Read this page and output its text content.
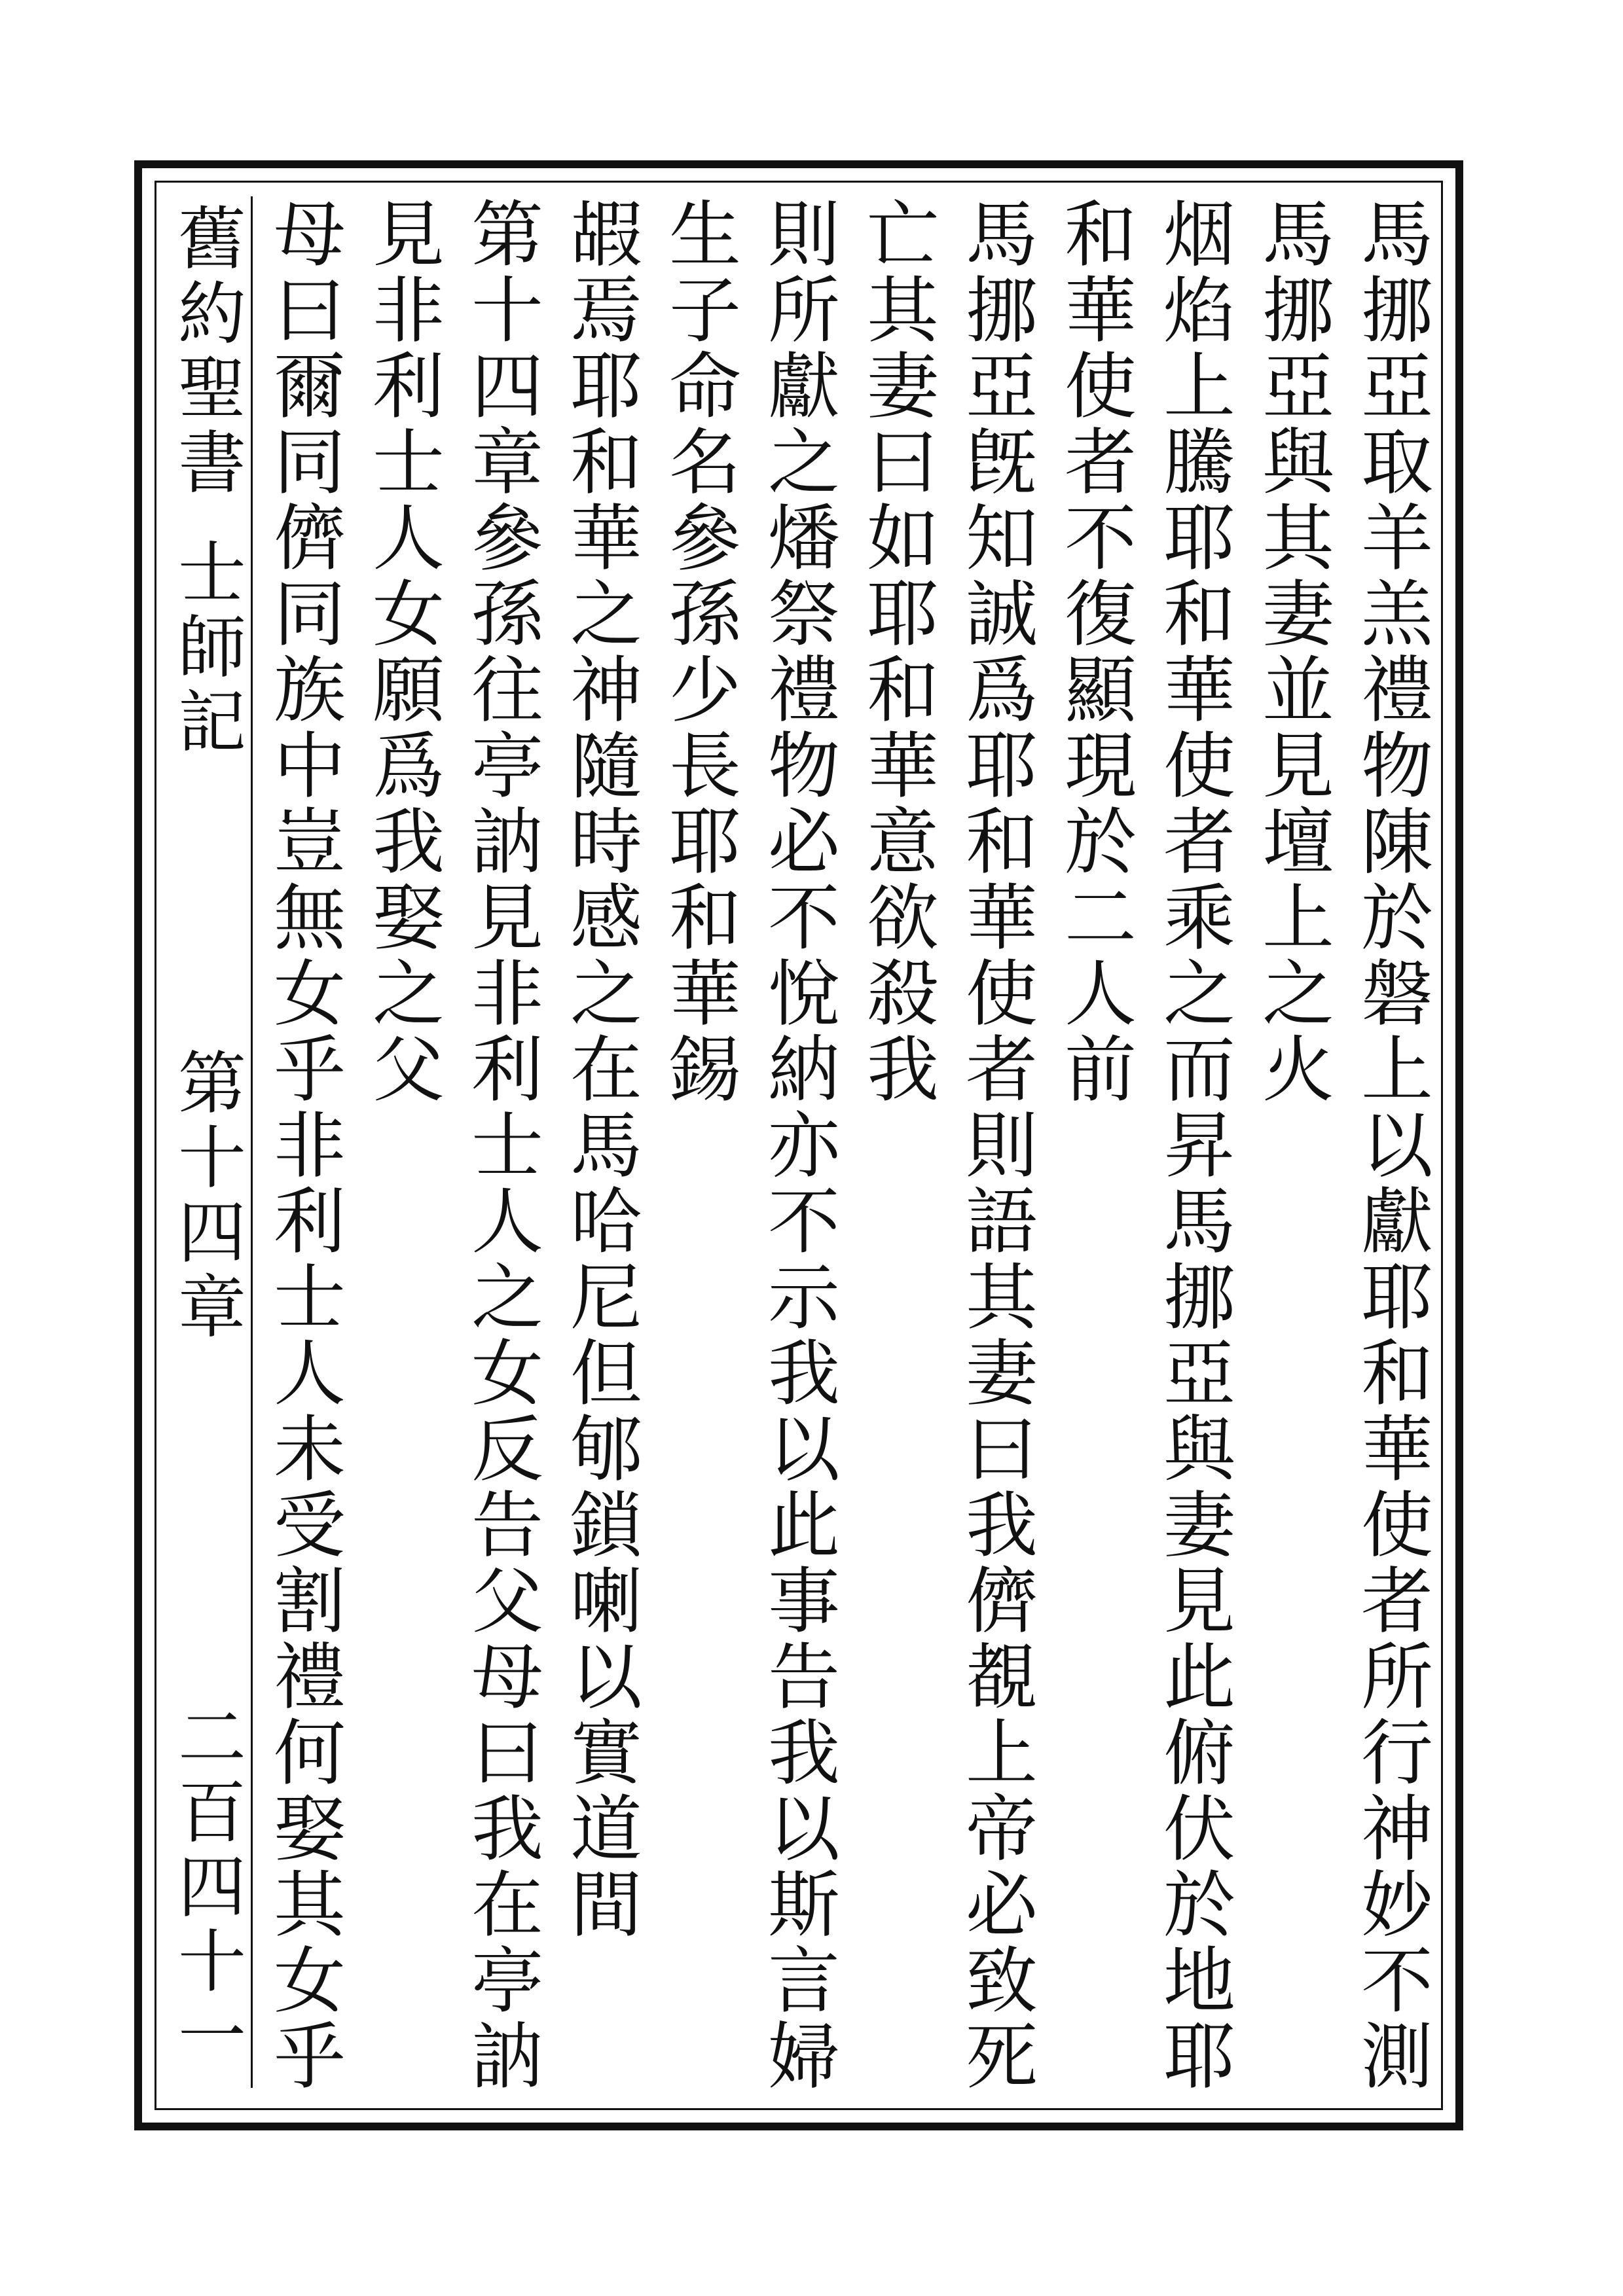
舊約聖書
士師記
第十四章
二百四十一	馬挪亞取羊羔禮物陳於磐上以獻耶和華使者所行神妙不測馬挪亞與其妻並見壇上之火
烟焰上騰耶和華使者乘之而昇馬挪亞與妻見此俯伏於地耶和華使者不復顯現於二人前
馬挪亞旣知誠爲耶和華使者則語其妻曰我儕覩上帝必致死亡其妻曰如耶和華意欲殺我
則所獻之燔祭禮物必不悅納亦不示我以此事告我以斯言婦生子命名參孫少長耶和華錫
嘏焉耶和華之神隨時感之在馬哈尼但郇鎖喇以實道間
第十四章參孫往亭訥見非利士人之女反告父母曰我在亭訥見非利士人女願爲我娶之父
母曰爾同儕同族中豈無女乎非利士人未受割禮何娶其女乎
